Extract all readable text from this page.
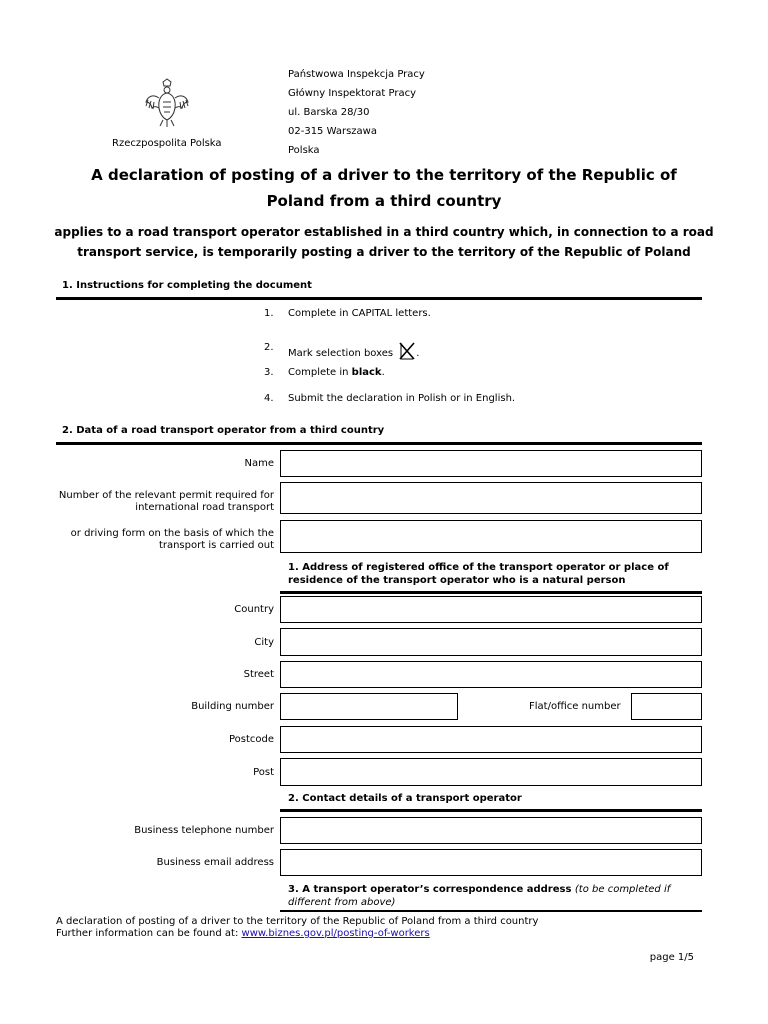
Rzeczpospolita Polska
Państwowa Inspekcja Pracy
Główny Inspektorat Pracy
ul. Barska 28/30
02-315 Warszawa
Polska
A declaration of posting of a driver to the territory of the Republic of Poland from a third country
applies to a road transport operator established in a third country which, in connection to a road transport service, is temporarily posting a driver to the territory of the Republic of Poland
1. Instructions for completing the document
1. Complete in CAPITAL letters.
2.
Mark selection boxes .
3. Complete in black.
4. Submit the declaration in Polish or in English.
2. Data of a road transport operator from a third country
Name
Number of the relevant permit required for international road transport
or driving form on the basis of which the transport is carried out
1. Address of registered office of the transport operator or place of residence of the transport operator who is a natural person
Country
City
Street
Building number	Flat/office number
Postcode
Post
2. Contact details of a transport operator
Business telephone number
Business email address
3. A transport operator’s correspondence address (to be completed if different from above)
A declaration of posting of a driver to the territory of the Republic of Poland from a third country
Further information can be found at: www.biznes.gov.pl/posting-of-workers
page 1/5
